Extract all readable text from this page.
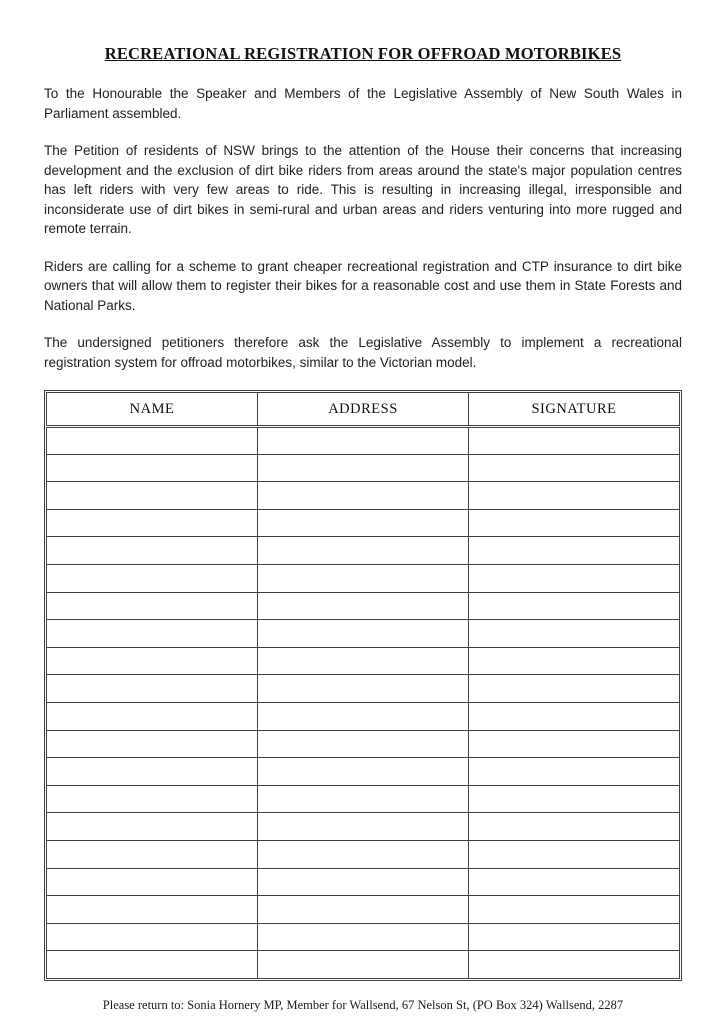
RECREATIONAL REGISTRATION FOR OFFROAD MOTORBIKES

To the Honourable the Speaker and Members of the Legislative Assembly of New South Wales in Parliament assembled.

The Petition of residents of NSW brings to the attention of the House their concerns that increasing development and the exclusion of dirt bike riders from areas around the state's major population centres has left riders with very few areas to ride. This is resulting in increasing illegal, irresponsible and inconsiderate use of dirt bikes in semi-rural and urban areas and riders venturing into more rugged and remote terrain.

Riders are calling for a scheme to grant cheaper recreational registration and CTP insurance to dirt bike owners that will allow them to register their bikes for a reasonable cost and use them in State Forests and National Parks.

The undersigned petitioners therefore ask the Legislative Assembly to implement a recreational registration system for offroad motorbikes, similar to the Victorian model.

NAME	ADDRESS	SIGNATURE

Please return to: Sonia Hornery MP, Member for Wallsend, 67 Nelson St, (PO Box 324) Wallsend, 2287
